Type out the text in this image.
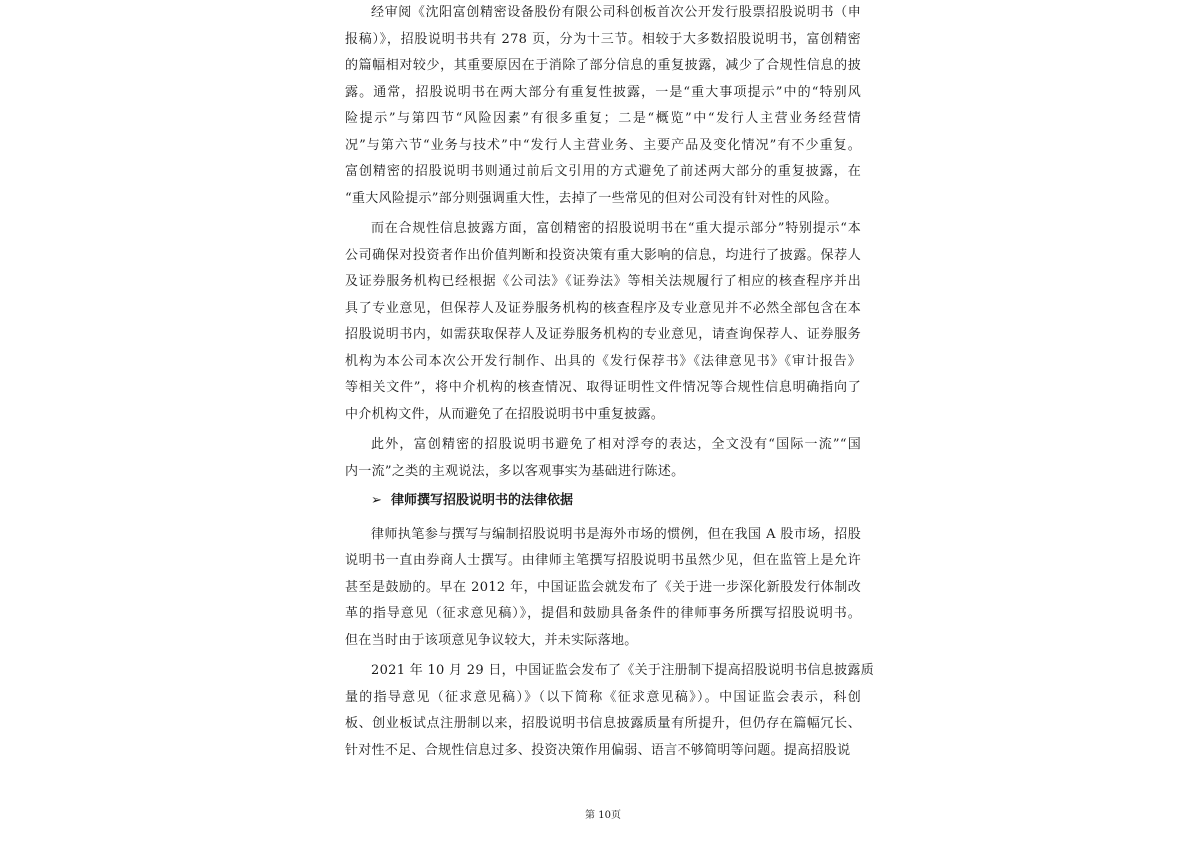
经审阅《沈阳富创精密设备股份有限公司科创板首次公开发行股票招股说明书（申
报稿）》，招股说明书共有 278 页，分为十三节。相较于大多数招股说明书，富创精密
的篇幅相对较少，其重要原因在于消除了部分信息的重复披露，减少了合规性信息的披
露。通常，招股说明书在两大部分有重复性披露，一是“重大事项提示”中的“特别风
险提示”与第四节“风险因素”有很多重复；二是“概览”中“发行人主营业务经营情
况”与第六节“业务与技术”中“发行人主营业务、主要产品及变化情况”有不少重复。
富创精密的招股说明书则通过前后文引用的方式避免了前述两大部分的重复披露，在
“重大风险提示”部分则强调重大性，去掉了一些常见的但对公司没有针对性的风险。
而在合规性信息披露方面，富创精密的招股说明书在“重大提示部分”特别提示“本
公司确保对投资者作出价值判断和投资决策有重大影响的信息，均进行了披露。保荐人
及证券服务机构已经根据《公司法》《证券法》等相关法规履行了相应的核查程序并出
具了专业意见，但保荐人及证券服务机构的核查程序及专业意见并不必然全部包含在本
招股说明书内，如需获取保荐人及证券服务机构的专业意见，请查询保荐人、证券服务
机构为本公司本次公开发行制作、出具的《发行保荐书》《法律意见书》《审计报告》
等相关文件”，将中介机构的核查情况、取得证明性文件情况等合规性信息明确指向了
中介机构文件，从而避免了在招股说明书中重复披露。
此外，富创精密的招股说明书避免了相对浮夸的表达，全文没有“国际一流”“国
内一流”之类的主观说法，多以客观事实为基础进行陈述。
➢ 律师撰写招股说明书的法律依据
律师执笔参与撰写与编制招股说明书是海外市场的惯例，但在我国 A 股市场，招股
说明书一直由券商人士撰写。由律师主笔撰写招股说明书虽然少见，但在监管上是允许
甚至是鼓励的。早在 2012 年，中国证监会就发布了《关于进一步深化新股发行体制改
革的指导意见（征求意见稿）》，提倡和鼓励具备条件的律师事务所撰写招股说明书。
但在当时由于该项意见争议较大，并未实际落地。
2021 年 10 月 29 日，中国证监会发布了《关于注册制下提高招股说明书信息披露质
量的指导意见（征求意见稿）》（以下简称《征求意见稿》）。中国证监会表示，科创
板、创业板试点注册制以来，招股说明书信息披露质量有所提升，但仍存在篇幅冗长、
针对性不足、合规性信息过多、投资决策作用偏弱、语言不够简明等问题。提高招股说
第 10页
